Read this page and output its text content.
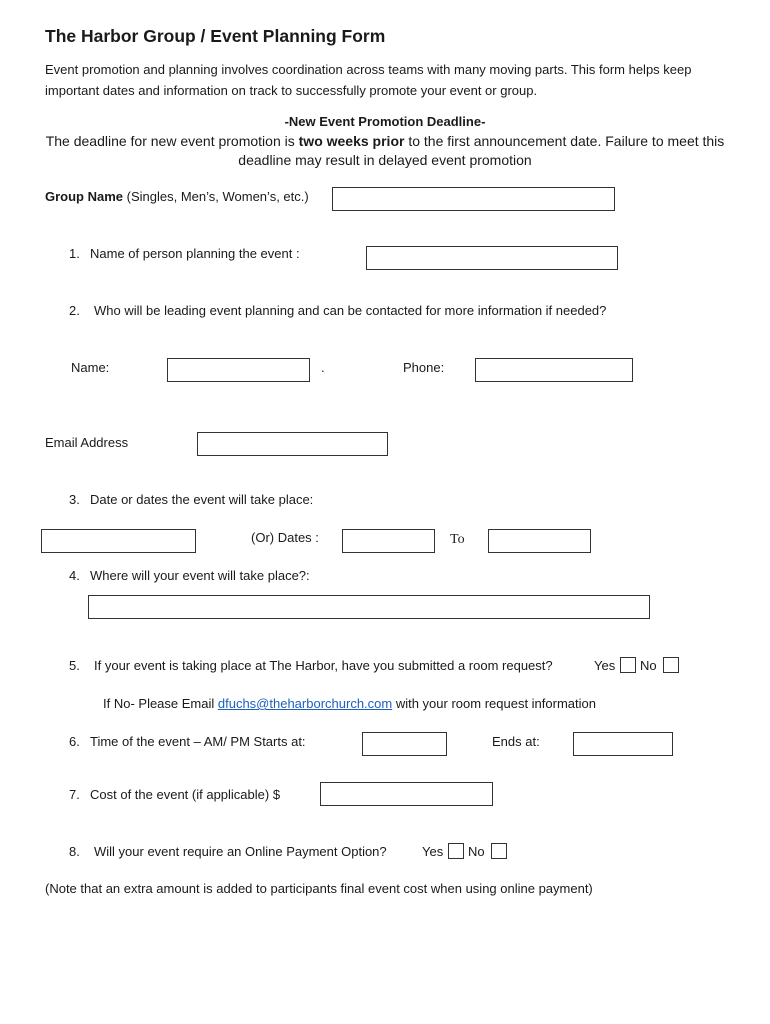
The Harbor Group / Event Planning Form
Event promotion and planning involves coordination across teams with many moving parts. This form helps keep important dates and information on track to successfully promote your event or group.
-New Event Promotion Deadline-
The deadline for new event promotion is two weeks prior to the first announcement date. Failure to meet this
deadline may result in delayed event promotion
Group Name (Singles, Men’s, Women’s, etc.)
1. Name of person planning the event :
2. Who will be leading event planning and can be contacted for more information if needed?
Name:	.	Phone:
Email Address
3. Date or dates the event will take place:
(Or) Dates :	To
4. Where will your event will take place?:
5. If your event is taking place at The Harbor, have you submitted a room request?	Yes No
If No- Please Email dfuchs@theharborchurch.com with your room request information
6. Time of the event – AM/ PM Starts at:	Ends at:
7. Cost of the event (if applicable) $
8. Will your event require an Online Payment Option?	Yes No
(Note that an extra amount is added to participants final event cost when using online payment)
